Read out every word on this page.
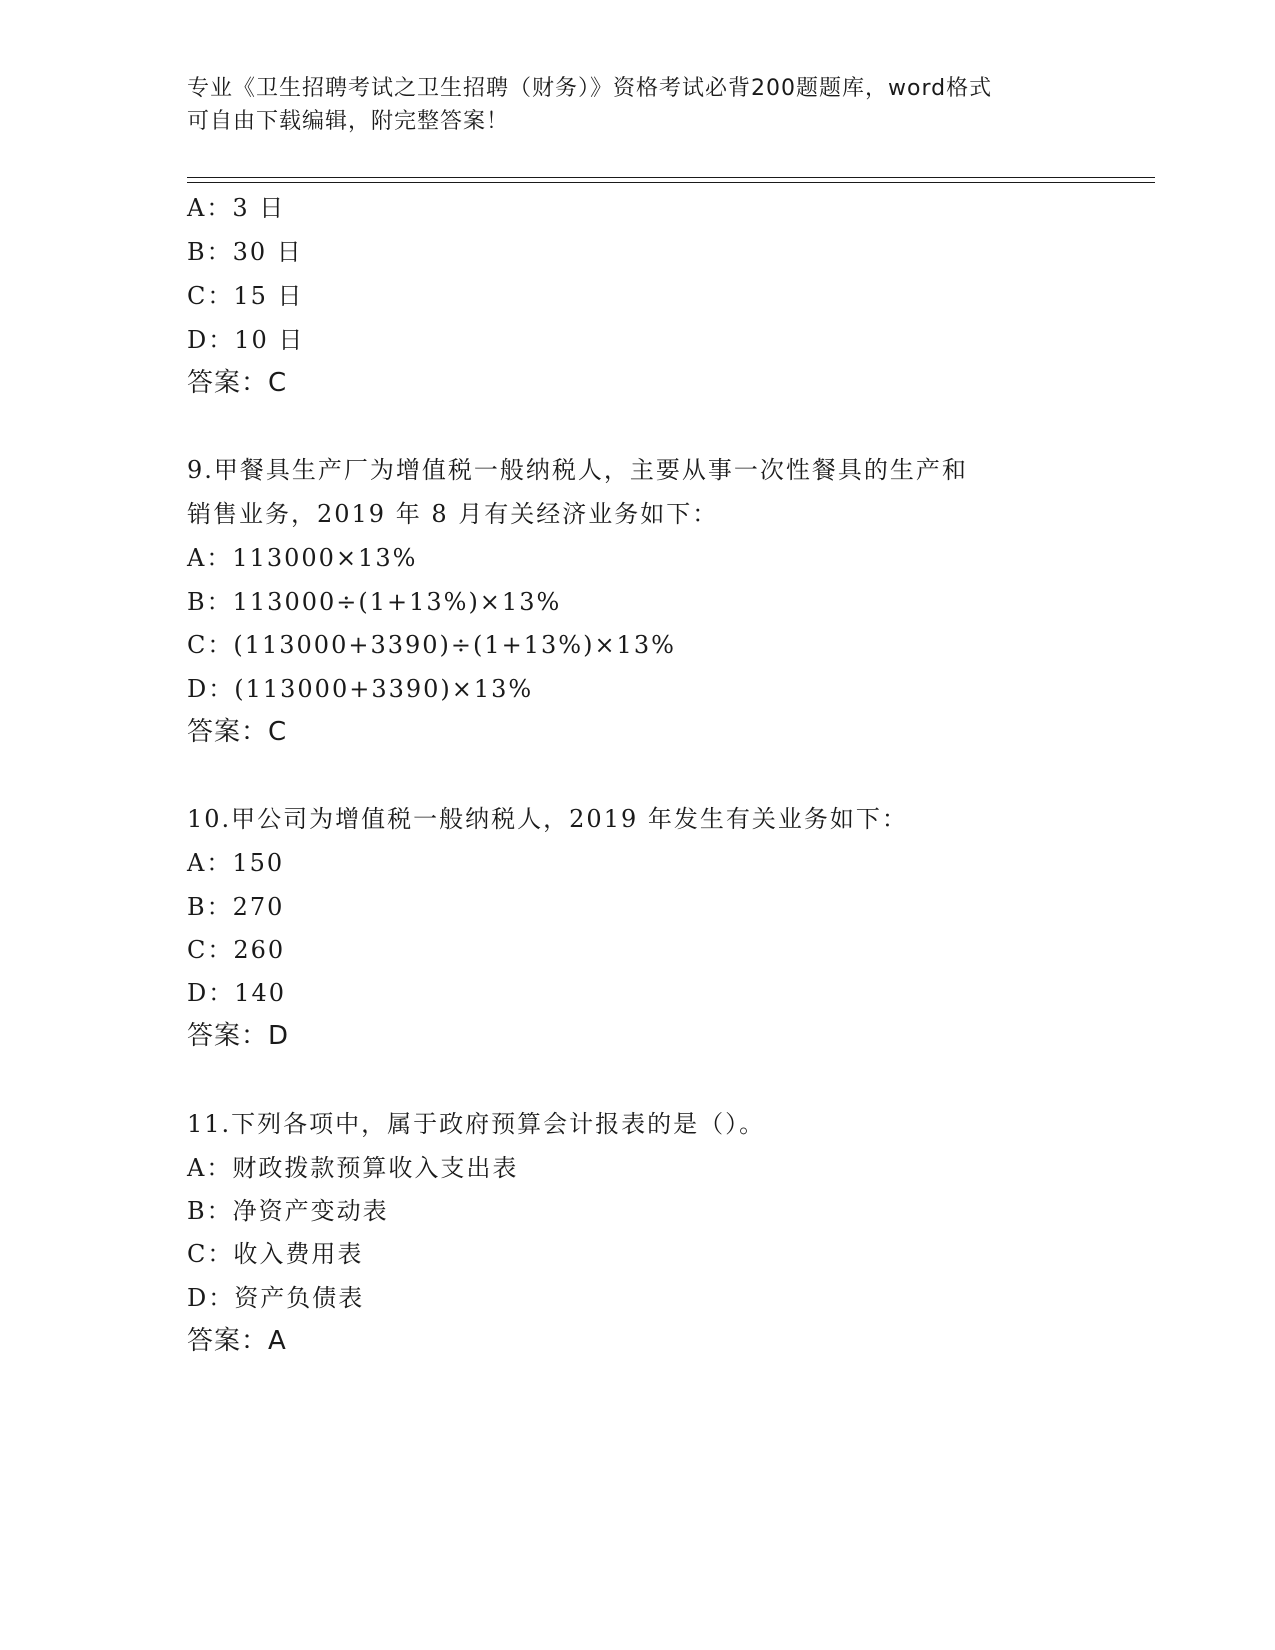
专业《卫生招聘考试之卫生招聘（财务）》资格考试必背200题题库，word格式
可自由下载编辑，附完整答案！
A：3 日
B：30 日
C：15 日
D：10 日
答案：C
9.甲餐具生产厂为增值税一般纳税人，主要从事一次性餐具的生产和
销售业务，2019 年 8 月有关经济业务如下：
A：113000×13%
B：113000÷(1+13%)×13%
C：(113000+3390)÷(1+13%)×13%
D：(113000+3390)×13%
答案：C
10.甲公司为增值税一般纳税人，2019 年发生有关业务如下：
A：150
B：270
C：260
D：140
答案：D
11.下列各项中，属于政府预算会计报表的是（）。
A：财政拨款预算收入支出表
B：净资产变动表
C：收入费用表
D：资产负债表
答案：A
